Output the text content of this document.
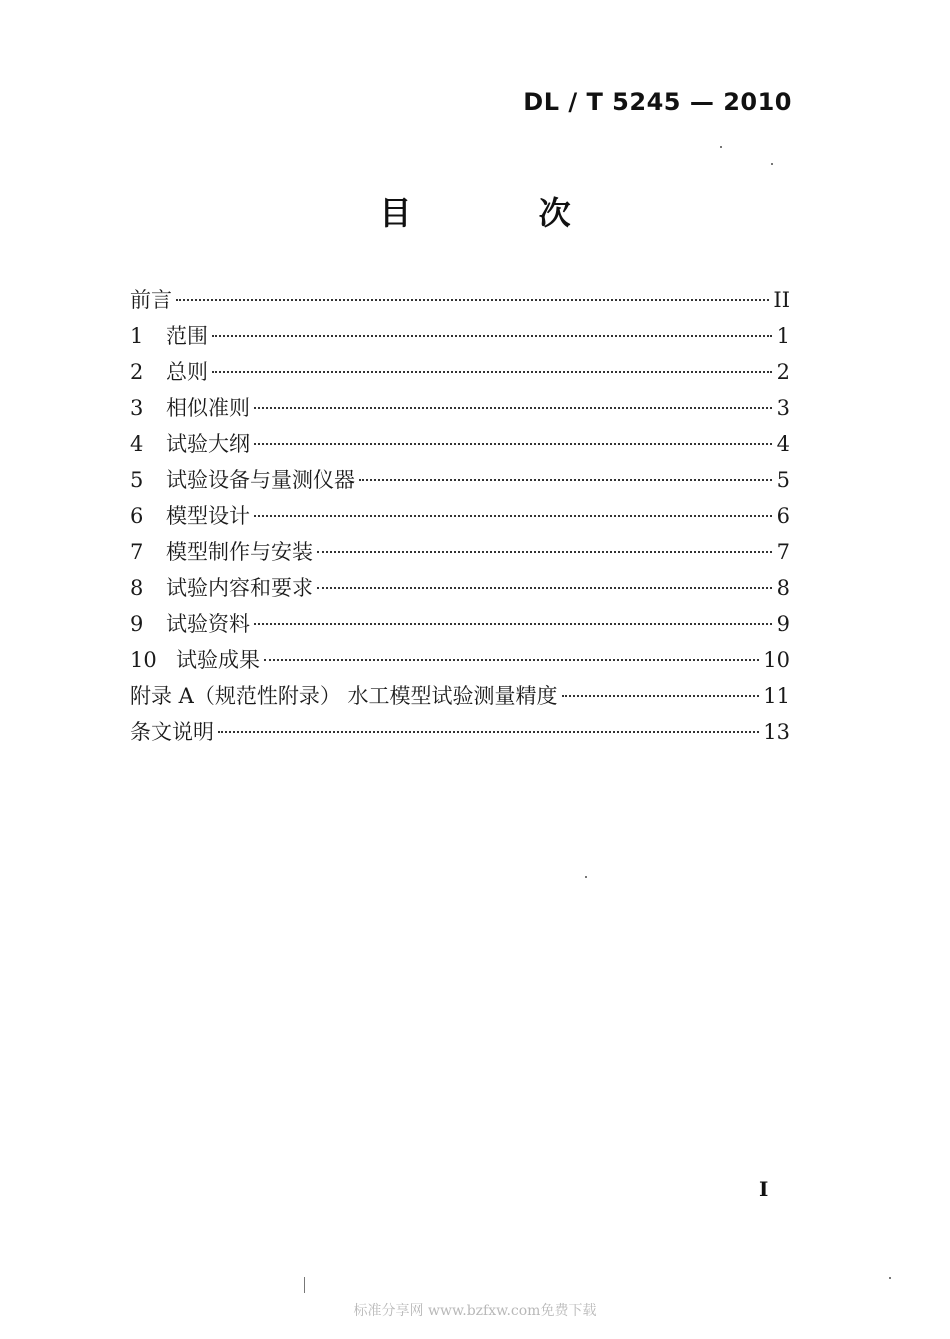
DL / T 5245 — 2010
目 次
前言	II
1	范围	1
2	总则	2
3	相似准则	3
4	试验大纲	4
5	试验设备与量测仪器	5
6	模型设计	6
7	模型制作与安装	7
8	试验内容和要求	8
9	试验资料	9
10 试验成果	10
附录 A（规范性附录） 水工模型试验测量精度	11
条文说明	13
I
标准分享网 www.bzfxw.com免费下载
